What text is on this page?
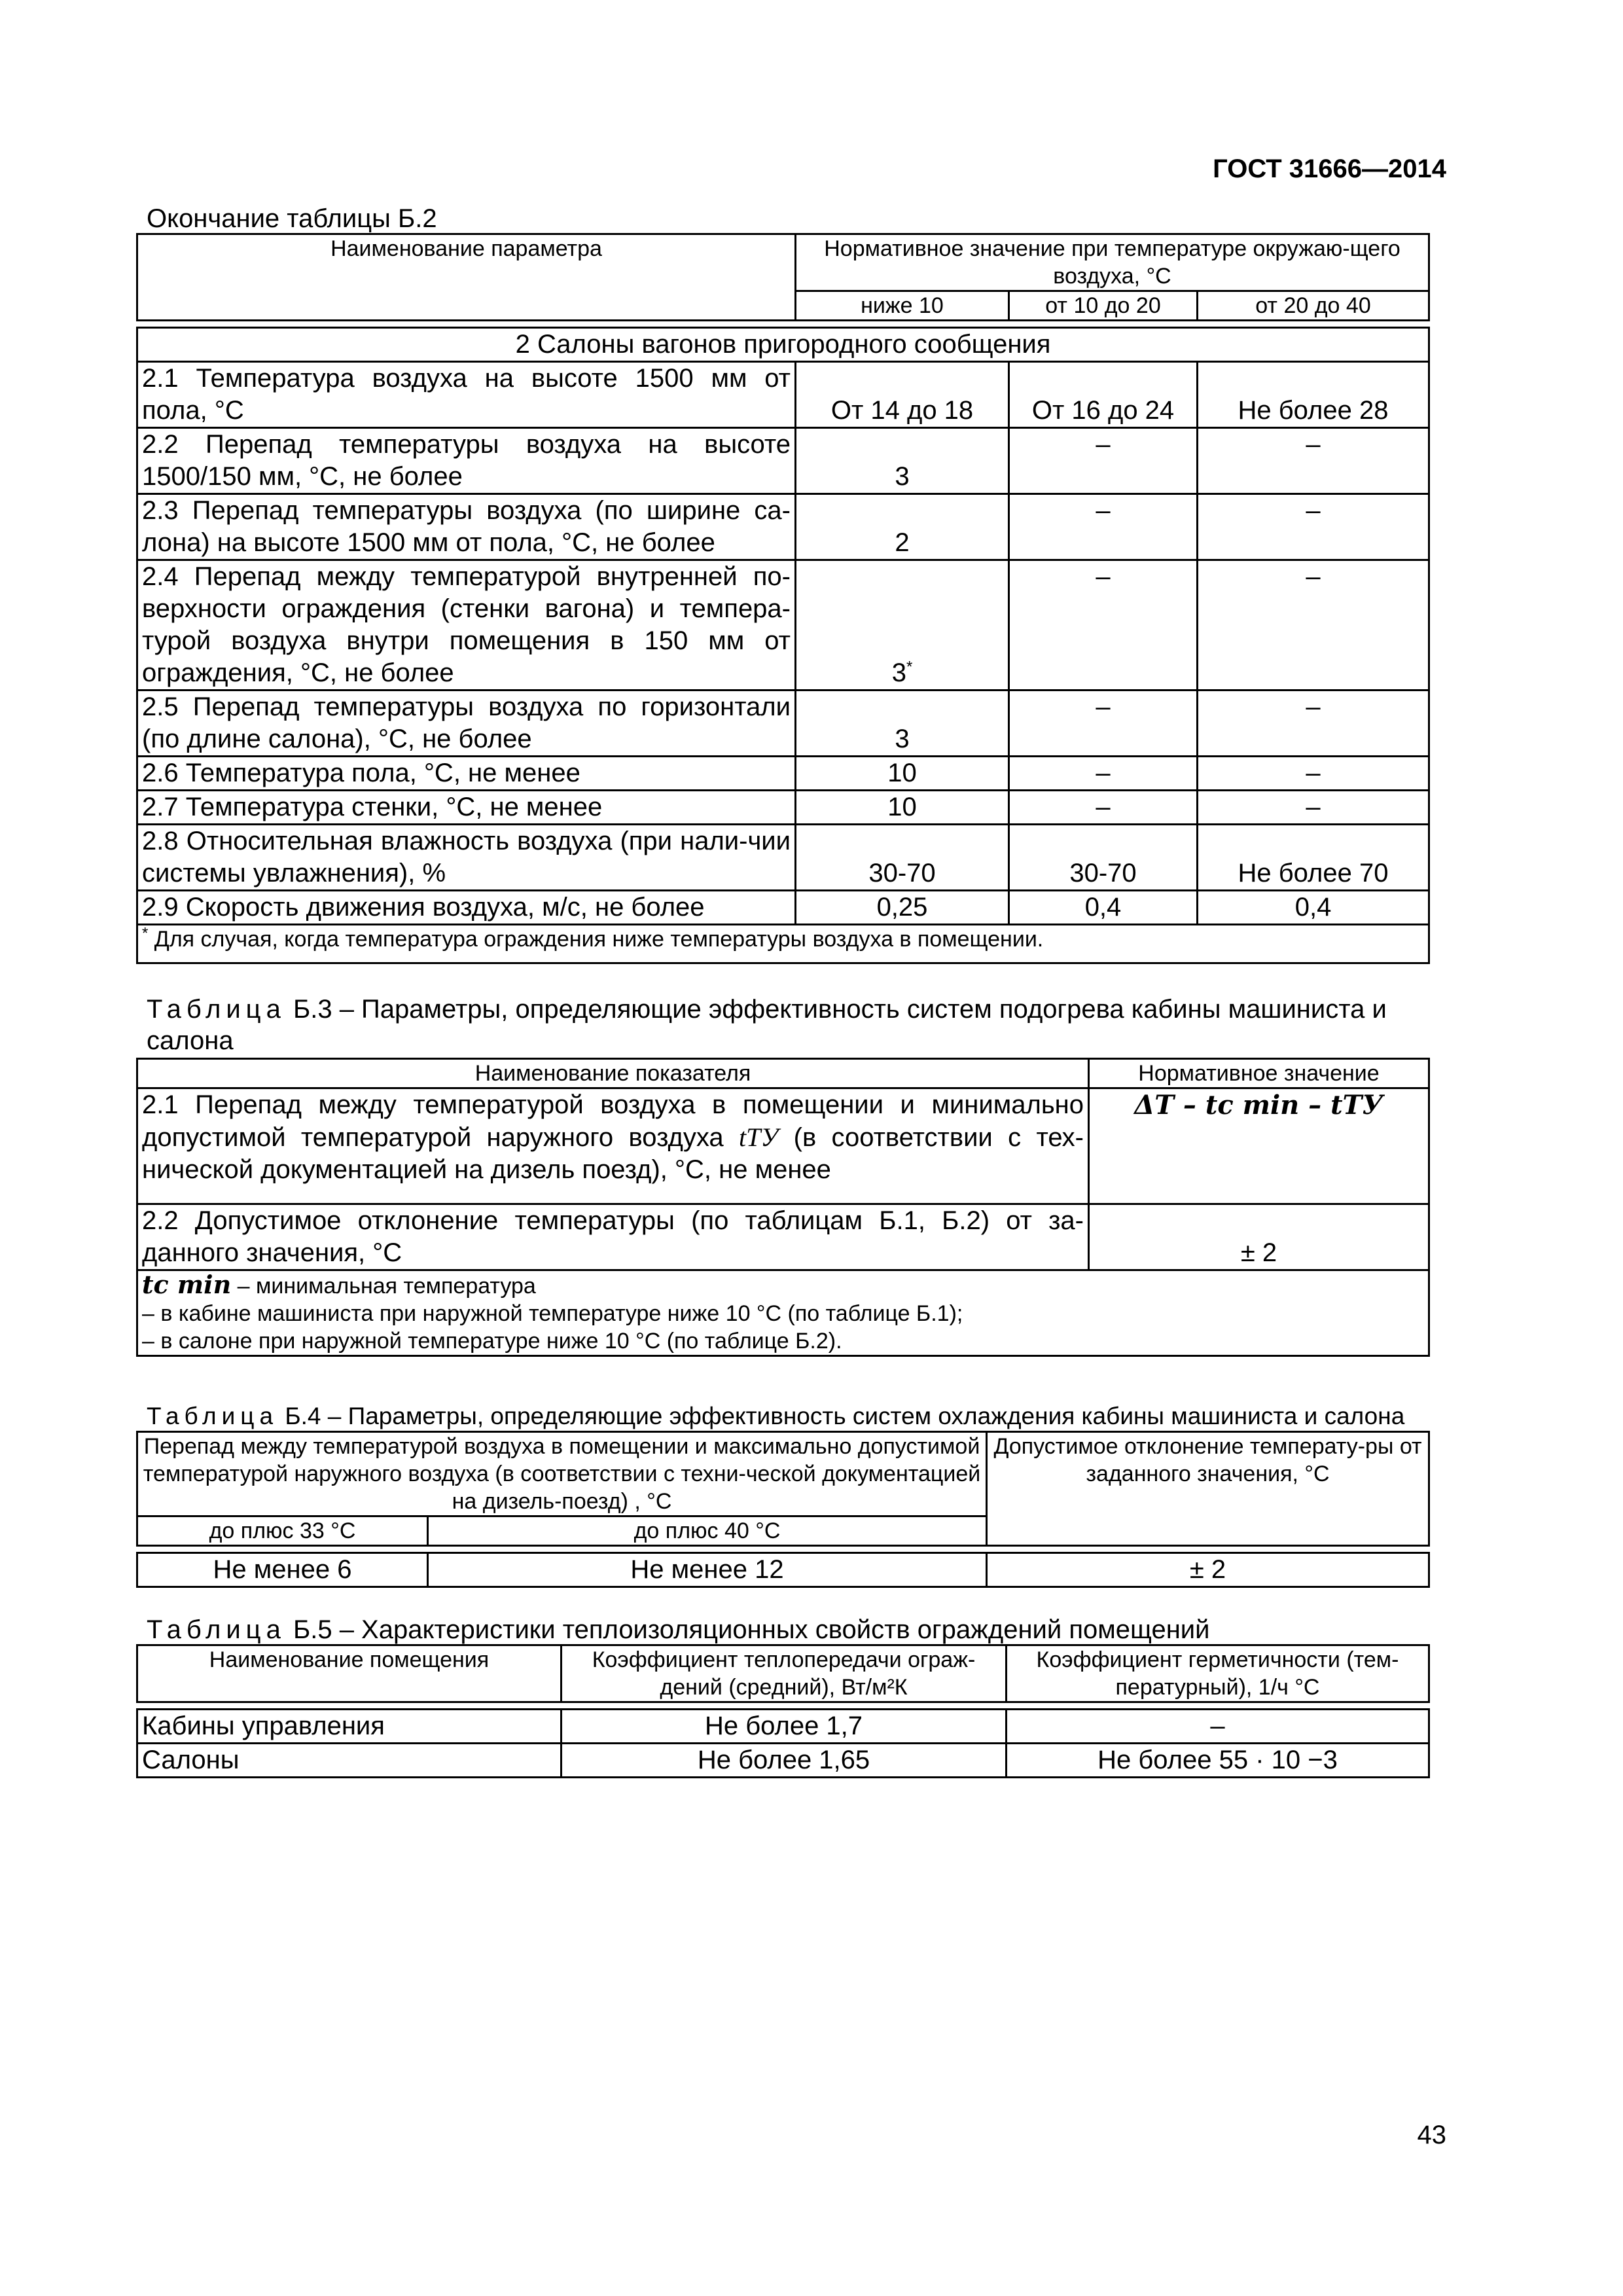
ГОСТ 31666—2014
Окончание таблицы Б.2
Наименование параметра	Нормативное значение при температуре окружаю-щего воздуха, °С		
	ниже 10	от 10 до 20	от 20 до 40

2 Салоны вагонов пригородного сообщения			
2.1 Температура воздуха на высоте 1500 мм от пола, °С	От 14 до 18	От 16 до 24	Не более 28
2.2 Перепад температуры воздуха на высоте 1500/150 мм, °С, не более	3	–	–
2.3 Перепад температуры воздуха (по ширине са-лона) на высоте 1500 мм от пола, °С, не более	2	–	–
2.4 Перепад между температурой внутренней по-верхности ограждения (стенки вагона) и темпера-турой воздуха внутри помещения в 150 мм от ограждения, °С, не более	3*	–	–
2.5 Перепад температуры воздуха по горизонтали (по длине салона), °С, не более	3	–	–
2.6 Температура пола, °С, не менее	10	–	–
2.7 Температура стенки, °С, не менее	10	–	–
2.8 Относительная влажность воздуха (при нали-чии системы увлажнения), %	30-70	30-70	Не более 70
2.9 Скорость движения воздуха, м/с, не более	0,25	0,4	0,4
* Для случая, когда температура ограждения ниже температуры воздуха в помещении.			
Таблица Б.3 – Параметры, определяющие эффективность систем подогрева кабины машиниста и салона
Наименование показателя	Нормативное значение
2.1 Перепад между температурой воздуха в помещении и минимально допустимой температурой наружного воздуха tТУ (в соответствии с тех-нической документацией на дизель поезд), °С, не менее	ΔT – tс min – tТУ
2.2 Допустимое отклонение температуры (по таблицам Б.1, Б.2) от за-данного значения, °С	± 2

tс min – минимальная температура
– в кабине машиниста при наружной температуре ниже 10 °С (по таблице Б.1);
– в салоне при наружной температуре ниже 10 °С (по таблице Б.2).	
Таблица Б.4 – Параметры, определяющие эффективность систем охлаждения кабины машиниста и салона
Перепад между температурой воздуха в помещении и максимально допустимой температурой наружного воздуха (в соответствии с техни-ческой документацией на дизель-поезд) , °С		Допустимое отклонение температу-ры от заданного значения, °С
до плюс 33 °С	до плюс 40 °С	

Не менее 6	Не менее 12	± 2
Таблица Б.5 – Характеристики теплоизоляционных свойств ограждений помещений
Наименование помещения	Коэффициент теплопередачи ограж-дений (средний), Вт/м²К	Коэффициент герметичности (тем-пературный), 1/ч °С

Кабины управления	Не более 1,7	–
Салоны	Не более 1,65	Не более 55 · 10 −3
43
